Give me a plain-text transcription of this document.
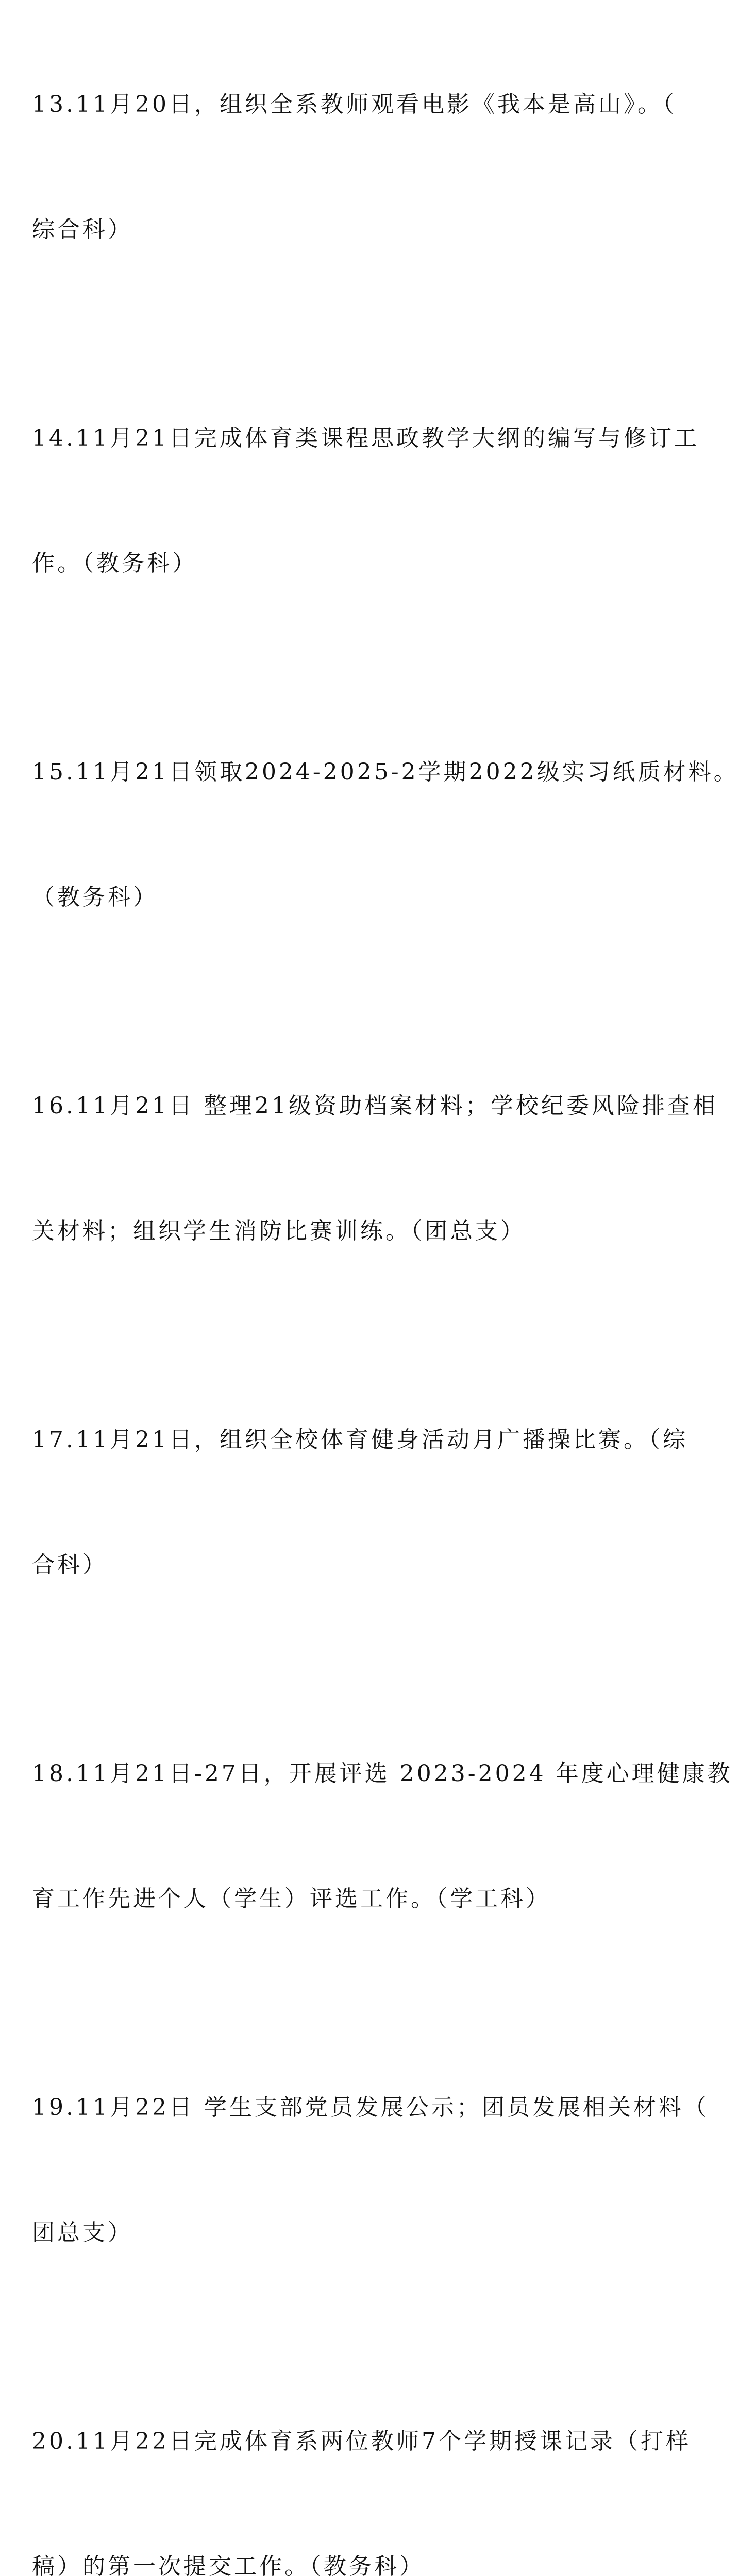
13.11月20日，组织全系教师观看电影《我本是高山》。（

综合科）

14.11月21日完成体育类课程思政教学大纲的编写与修订工

作。（教务科）

15.11月21日领取2024-2025-2学期2022级实习纸质材料。

（教务科）

16.11月21日 整理21级资助档案材料；学校纪委风险排查相

关材料；组织学生消防比赛训练。（团总支）

17.11月21日，组织全校体育健身活动月广播操比赛。（综

合科）

18.11月21日-27日，开展评选 2023-2024 年度心理健康教

育工作先进个人（学生）评选工作。（学工科）

19.11月22日 学生支部党员发展公示；团员发展相关材料（

团总支）

20.11月22日完成体育系两位教师7个学期授课记录（打样

稿）的第一次提交工作。（教务科）
